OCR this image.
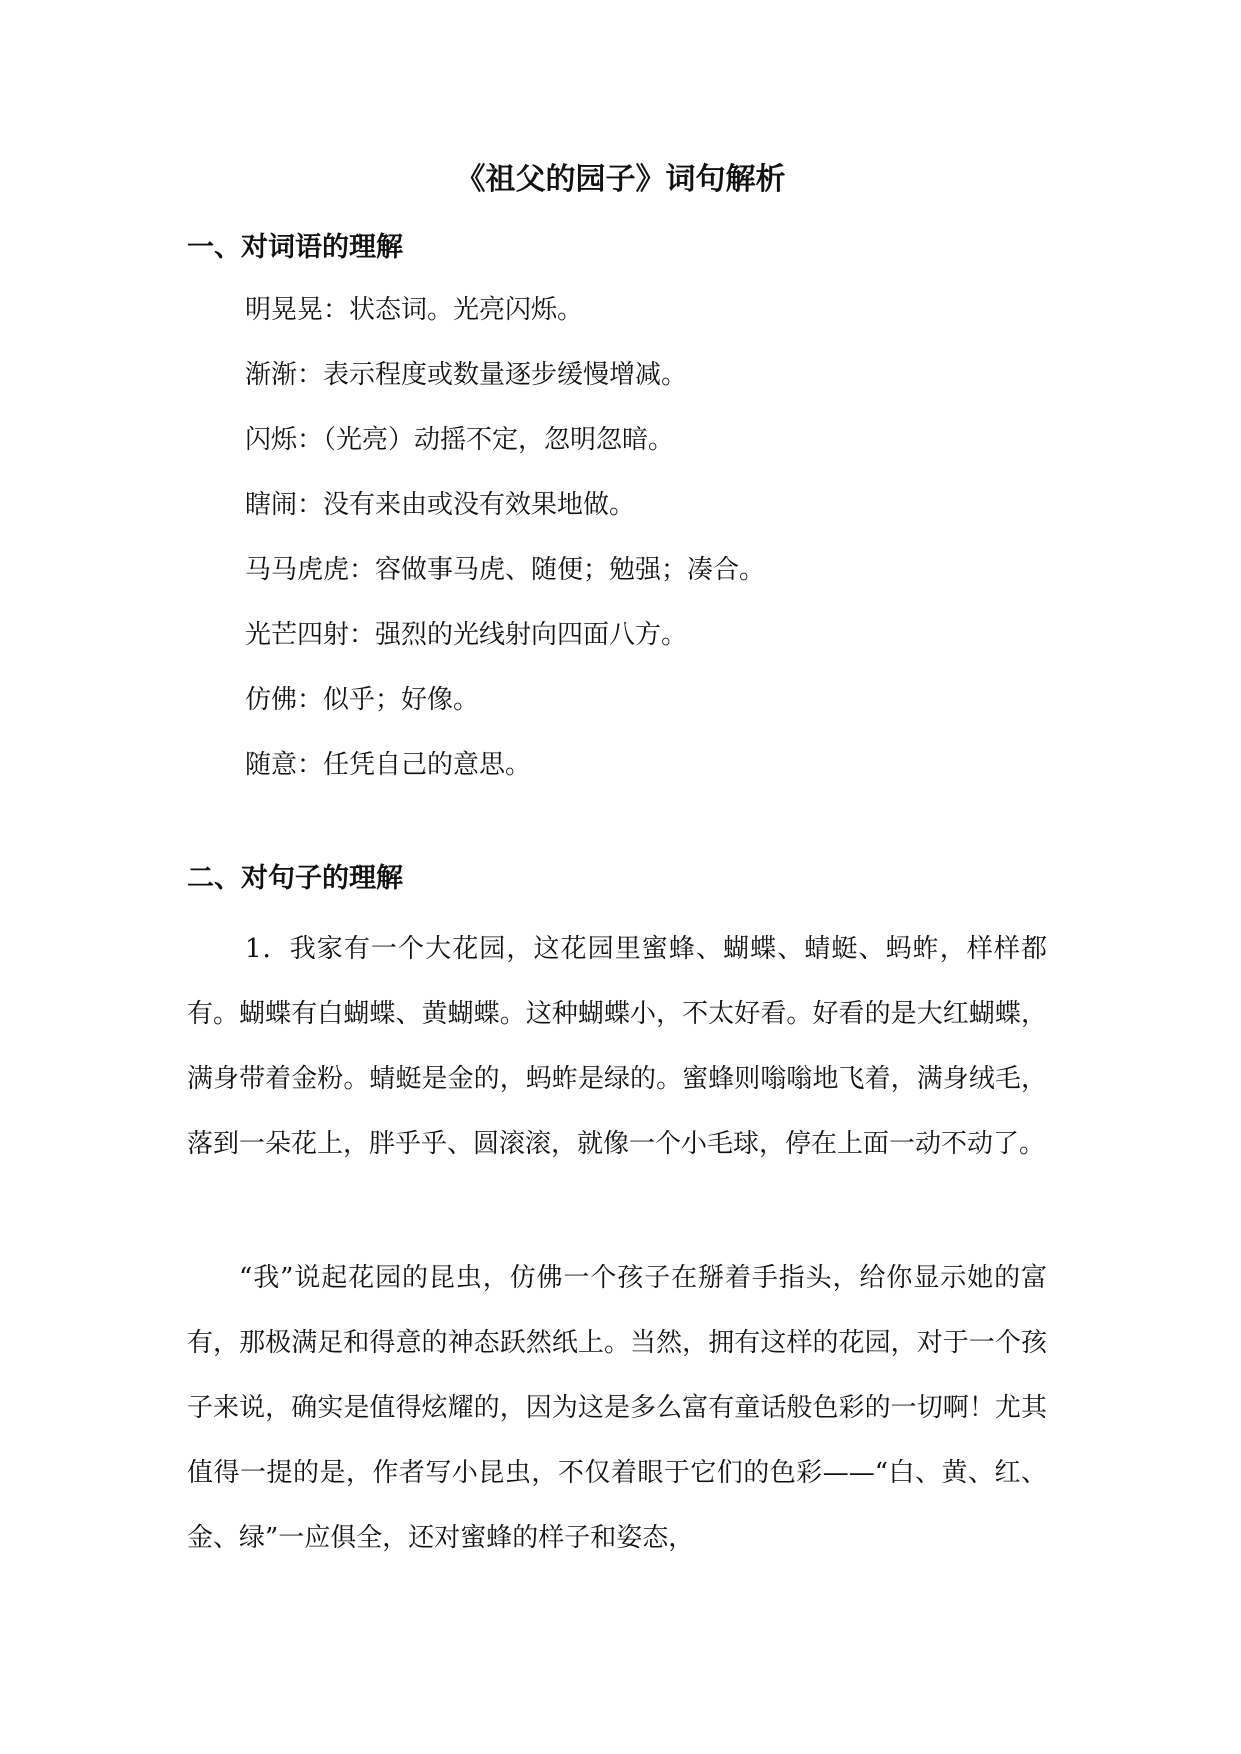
《祖父的园子》词句解析
一、对词语的理解
明晃晃：状态词。光亮闪烁。
渐渐：表示程度或数量逐步缓慢增减。
闪烁：（光亮）动摇不定，忽明忽暗。
瞎闹：没有来由或没有效果地做。
马马虎虎：容做事马虎、随便；勉强；凑合。
光芒四射：强烈的光线射向四面八方。
仿佛：似乎；好像。
随意：任凭自己的意思。
二、对句子的理解

1．我家有一个大花园，这花园里蜜蜂、蝴蝶、蜻蜓、蚂蚱，样样都有。蝴蝶有白蝴蝶、黄蝴蝶。这种蝴蝶小，不太好看。好看的是大红蝴蝶，满身带着金粉。蜻蜓是金的，蚂蚱是绿的。蜜蜂则嗡嗡地飞着，满身绒毛，落到一朵花上，胖乎乎、圆滚滚，就像一个小毛球，停在上面一动不动了。

“我”说起花园的昆虫，仿佛一个孩子在掰着手指头，给你显示她的富有，那极满足和得意的神态跃然纸上。当然，拥有这样的花园，对于一个孩子来说，确实是值得炫耀的，因为这是多么富有童话般色彩的一切啊！尤其值得一提的是，作者写小昆虫，不仅着眼于它们的色彩——“白、黄、红、金、绿”一应俱全，还对蜜蜂的样子和姿态，
